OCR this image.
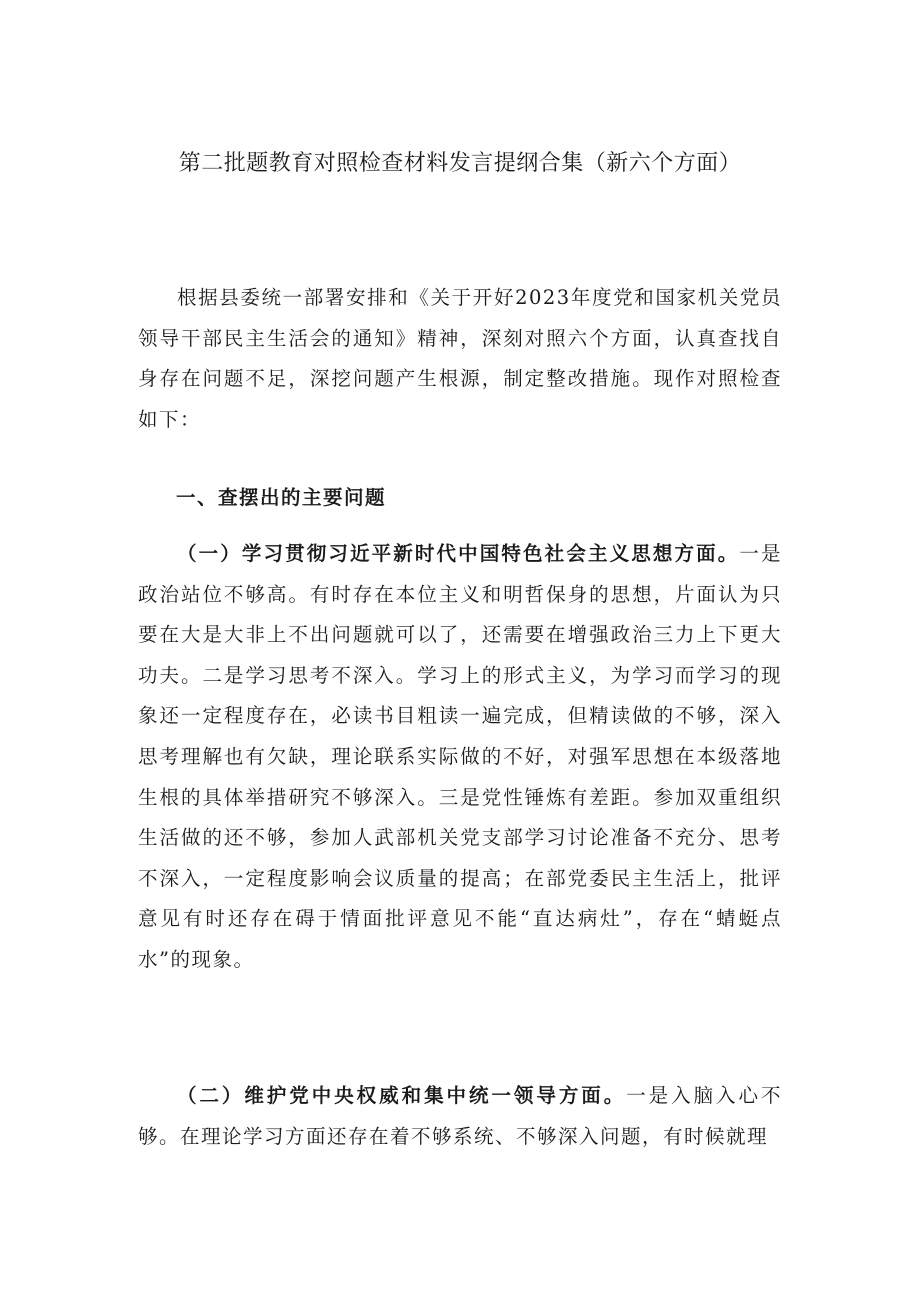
第二批题教育对照检查材料发言提纲合集（新六个方面）

根据县委统一部署安排和《关于开好2023年度党和国家机关党员领导干部民主生活会的通知》精神，深刻对照六个方面，认真查找自身存在问题不足，深挖问题产生根源，制定整改措施。现作对照检查如下：

一、查摆出的主要问题

（一）学习贯彻习近平新时代中国特色社会主义思想方面。一是政治站位不够高。有时存在本位主义和明哲保身的思想，片面认为只要在大是大非上不出问题就可以了，还需要在增强政治三力上下更大功夫。二是学习思考不深入。学习上的形式主义，为学习而学习的现象还一定程度存在，必读书目粗读一遍完成，但精读做的不够，深入思考理解也有欠缺，理论联系实际做的不好，对强军思想在本级落地生根的具体举措研究不够深入。三是党性锤炼有差距。参加双重组织生活做的还不够，参加人武部机关党支部学习讨论准备不充分、思考不深入，一定程度影响会议质量的提高；在部党委民主生活上，批评意见有时还存在碍于情面批评意见不能“直达病灶”，存在“蜻蜓点水”的现象。

（二）维护党中央权威和集中统一领导方面。一是入脑入心不够。在理论学习方面还存在着不够系统、不够深入问题，有时候就理
